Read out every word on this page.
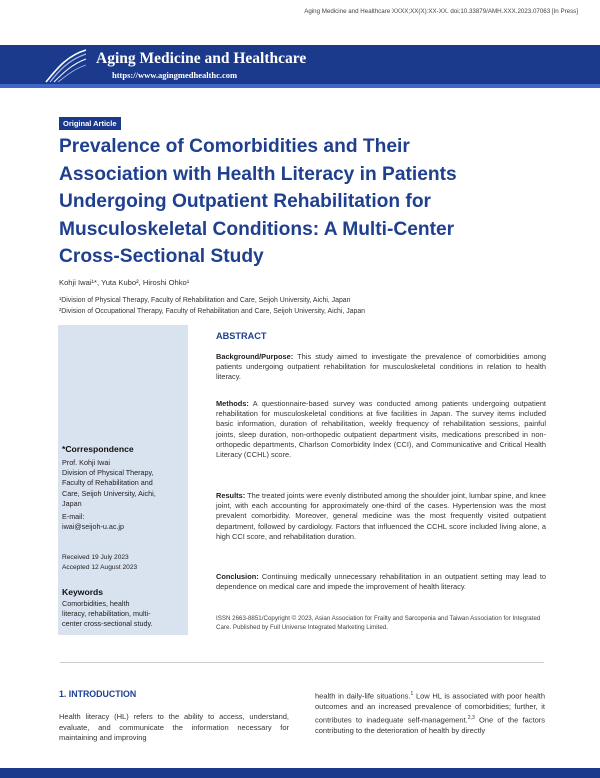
Aging Medicine and Healthcare XXXX;XX(X):XX-XX. doi:10.33879/AMH.XXX.2023.07063 [In Press]
Aging Medicine and Healthcare
https://www.agingmedhealthc.com
Original Article
Prevalence of Comorbidities and Their
Association with Health Literacy in Patients
Undergoing Outpatient Rehabilitation for
Musculoskeletal Conditions: A Multi-Center
Cross-Sectional Study
Kohji Iwai¹*, Yuta Kubo², Hiroshi Ohko¹
¹Division of Physical Therapy, Faculty of Rehabilitation and Care, Seijoh University, Aichi, Japan
²Division of Occupational Therapy, Faculty of Rehabilitation and Care, Seijoh University, Aichi, Japan
*Correspondence
Prof. Kohji Iwai
Division of Physical Therapy,
Faculty of Rehabilitation and
Care, Seijoh University, Aichi,
Japan
E-mail:
iwai@seijoh-u.ac.jp
Received 19 July 2023
Accepted 12 August 2023
Keywords
Comorbidities, health
literacy, rehabilitation, multi-
center cross-sectional study.
ABSTRACT
Background/Purpose: This study aimed to investigate the prevalence of comorbidities among patients undergoing outpatient rehabilitation for musculoskeletal conditions in relation to health literacy.
Methods: A questionnaire-based survey was conducted among patients undergoing outpatient rehabilitation for musculoskeletal conditions at five facilities in Japan. The survey items included basic information, duration of rehabilitation, weekly frequency of rehabilitation sessions, painful joints, sleep duration, non-orthopedic outpatient department visits, medications prescribed in non-orthopedic departments, Charlson Comorbidity Index (CCI), and Communicative and Critical Health Literacy (CCHL) score.
Results: The treated joints were evenly distributed among the shoulder joint, lumbar spine, and knee joint, with each accounting for approximately one-third of the cases. Hypertension was the most prevalent comorbidity. Moreover, general medicine was the most frequently visited outpatient department, followed by cardiology. Factors that influenced the CCHL score included living alone, a high CCI score, and rehabilitation duration.
Conclusion: Continuing medically unnecessary rehabilitation in an outpatient setting may lead to dependence on medical care and impede the improvement of health literacy.
ISSN 2663-8851/Copyright © 2023, Asian Association for Frailty and Sarcopenia and Taiwan Association for Integrated Care. Published by Full Universe Integrated Marketing Limited.
1. INTRODUCTION
Health literacy (HL) refers to the ability to access, understand, evaluate, and communicate the information necessary for maintaining and improving
health in daily-life situations.$^1$ Low HL is associated with poor health outcomes and an increased prevalence of comorbidities; further, it contributes to inadequate self-management.$^{2,3}$ One of the factors contributing to the deterioration of health by directly
